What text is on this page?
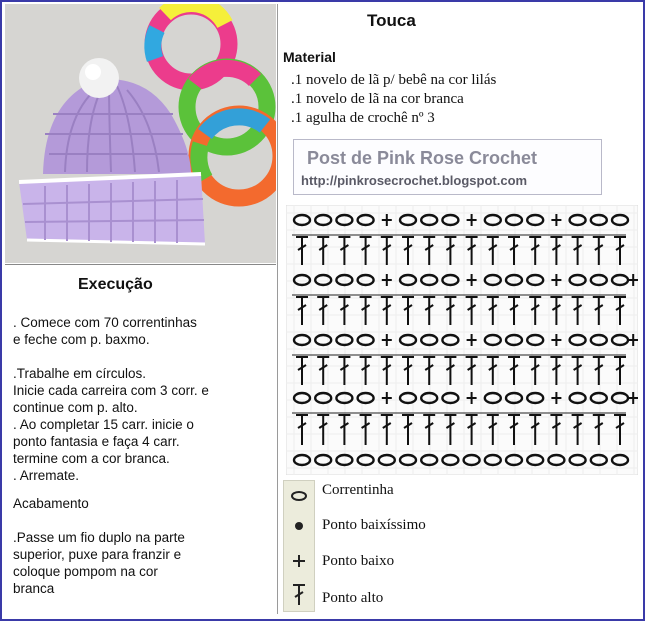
Touca
Material
.1 novelo de lã p/ bebê na cor lilás
.1 novelo de lã na cor branca
.1 agulha de crochê nº 3
Post de Pink Rose Crochet
http://pinkrosecrochet.blogspot.com
Execução

. Comece com 70 correntinhas
e feche com p. baxmo.

.Trabalhe em círculos.
Inicie cada carreira com 3 corr. e
continue com p. alto.
. Ao completar 15 carr. inicie o
ponto fantasia e faça 4 carr.
termine com a cor branca.
. Arremate.

Acabamento
.Passe um fio duplo na parte
superior, puxe para franzir e
coloque pompom na cor
branca
Correntinha
Ponto baixíssimo
Ponto baixo
Ponto alto
